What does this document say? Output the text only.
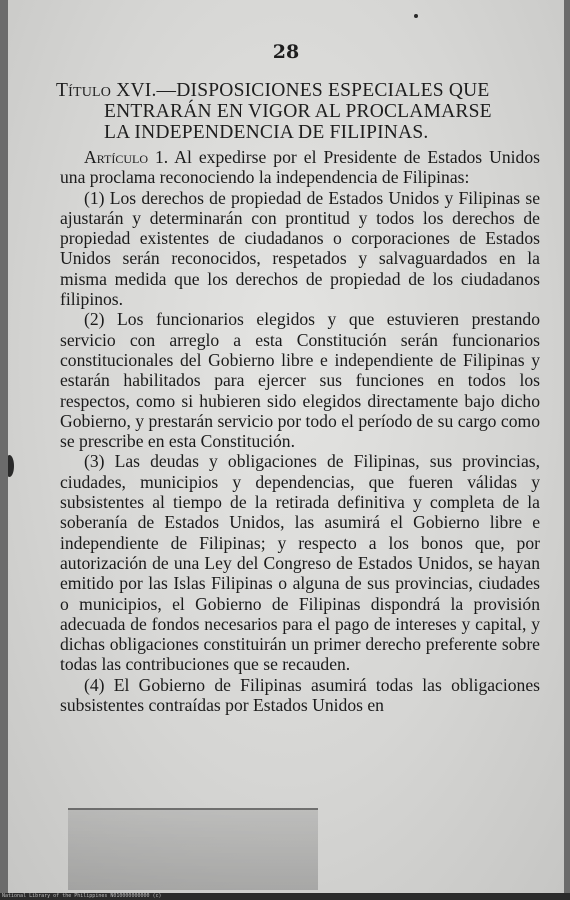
28
Título XVI.—DISPOSICIONES ESPECIALES QUE
ENTRARÁN EN VIGOR AL PROCLAMARSE
LA INDEPENDENCIA DE FILIPINAS.

Artículo 1. Al expedirse por el Presidente de Estados Unidos una proclama reconociendo la independencia de Filipinas:

(1) Los derechos de propiedad de Estados Unidos y Filipinas se ajustarán y determinarán con prontitud y todos los derechos de propiedad existentes de ciudadanos o corporaciones de Estados Unidos serán reconocidos, respetados y salvaguardados en la misma medida que los derechos de propiedad de los ciudadanos filipinos.

(2) Los funcionarios elegidos y que estuvieren prestando servicio con arreglo a esta Constitución serán funcionarios constitucionales del Gobierno libre e independiente de Filipinas y estarán habilitados para ejercer sus funciones en todos los respectos, como si hubieren sido elegidos directamente bajo dicho Gobierno, y prestarán servicio por todo el período de su cargo como se prescribe en esta Constitución.

(3) Las deudas y obligaciones de Filipinas, sus provincias, ciudades, municipios y dependencias, que fueren válidas y subsistentes al tiempo de la retirada definitiva y completa de la soberanía de Estados Unidos, las asumirá el Gobierno libre e independiente de Filipinas; y respecto a los bonos que, por autorización de una Ley del Congreso de Estados Unidos, se hayan emitido por las Islas Filipinas o alguna de sus provincias, ciudades o municipios, el Gobierno de Filipinas dispondrá la provisión adecuada de fondos necesarios para el pago de intereses y capital, y dichas obligaciones constituirán un primer derecho preferente sobre todas las contribuciones que se recauden.

(4) El Gobierno de Filipinas asumirá todas las obligaciones subsistentes contraídas por Estados Unidos en

National Library of the Philippines N010000000000 (c)
